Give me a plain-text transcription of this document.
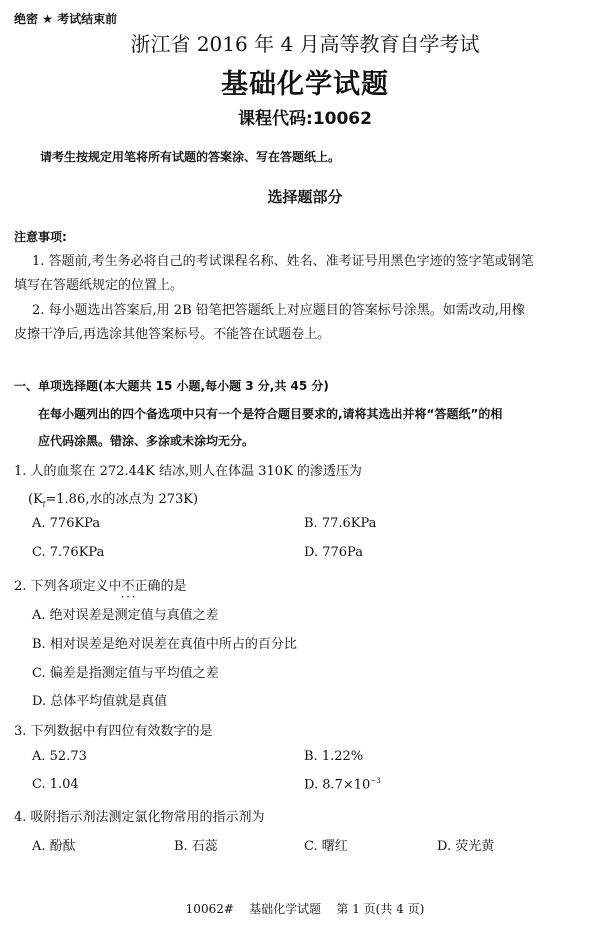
绝密 ★ 考试结束前
浙江省 2016 年 4 月高等教育自学考试
基础化学试题
课程代码:10062
请考生按规定用笔将所有试题的答案涂、写在答题纸上。
选择题部分
注意事项:
1. 答题前,考生务必将自己的考试课程名称、姓名、准考证号用黑色字迹的签字笔或钢笔
填写在答题纸规定的位置上。
2. 每小题选出答案后,用 2B 铅笔把答题纸上对应题目的答案标号涂黑。如需改动,用橡
皮擦干净后,再选涂其他答案标号。不能答在试题卷上。
一、单项选择题(本大题共 15 小题,每小题 3 分,共 45 分)
在每小题列出的四个备选项中只有一个是符合题目要求的,请将其选出并将“答题纸”的相
应代码涂黑。错涂、多涂或未涂均无分。
1. 人的血浆在 272.44K 结冰,则人在体温 310K 的渗透压为
($K_f=1.86$,水的冰点为 273K)
A. 776KPa	B. 77.6KPa
C. 7.76KPa	D. 776Pa
2. 下列各项定义中不正确 · · ·的是
A. 绝对误差是测定值与真值之差
B. 相对误差是绝对误差在真值中所占的百分比
C. 偏差是指测定值与平均值之差
D. 总体平均值就是真值
3. 下列数据中有四位有效数字的是
A. 52.73	B. 1.22%
C. 1.04	D. $8.7\times 10^{-3}$
4. 吸附指示剂法测定氯化物常用的指示剂为
A. 酚酞	B. 石蕊	C. 曙红	D. 荧光黄
10062#    基础化学试题    第 1 页(共 4 页)
